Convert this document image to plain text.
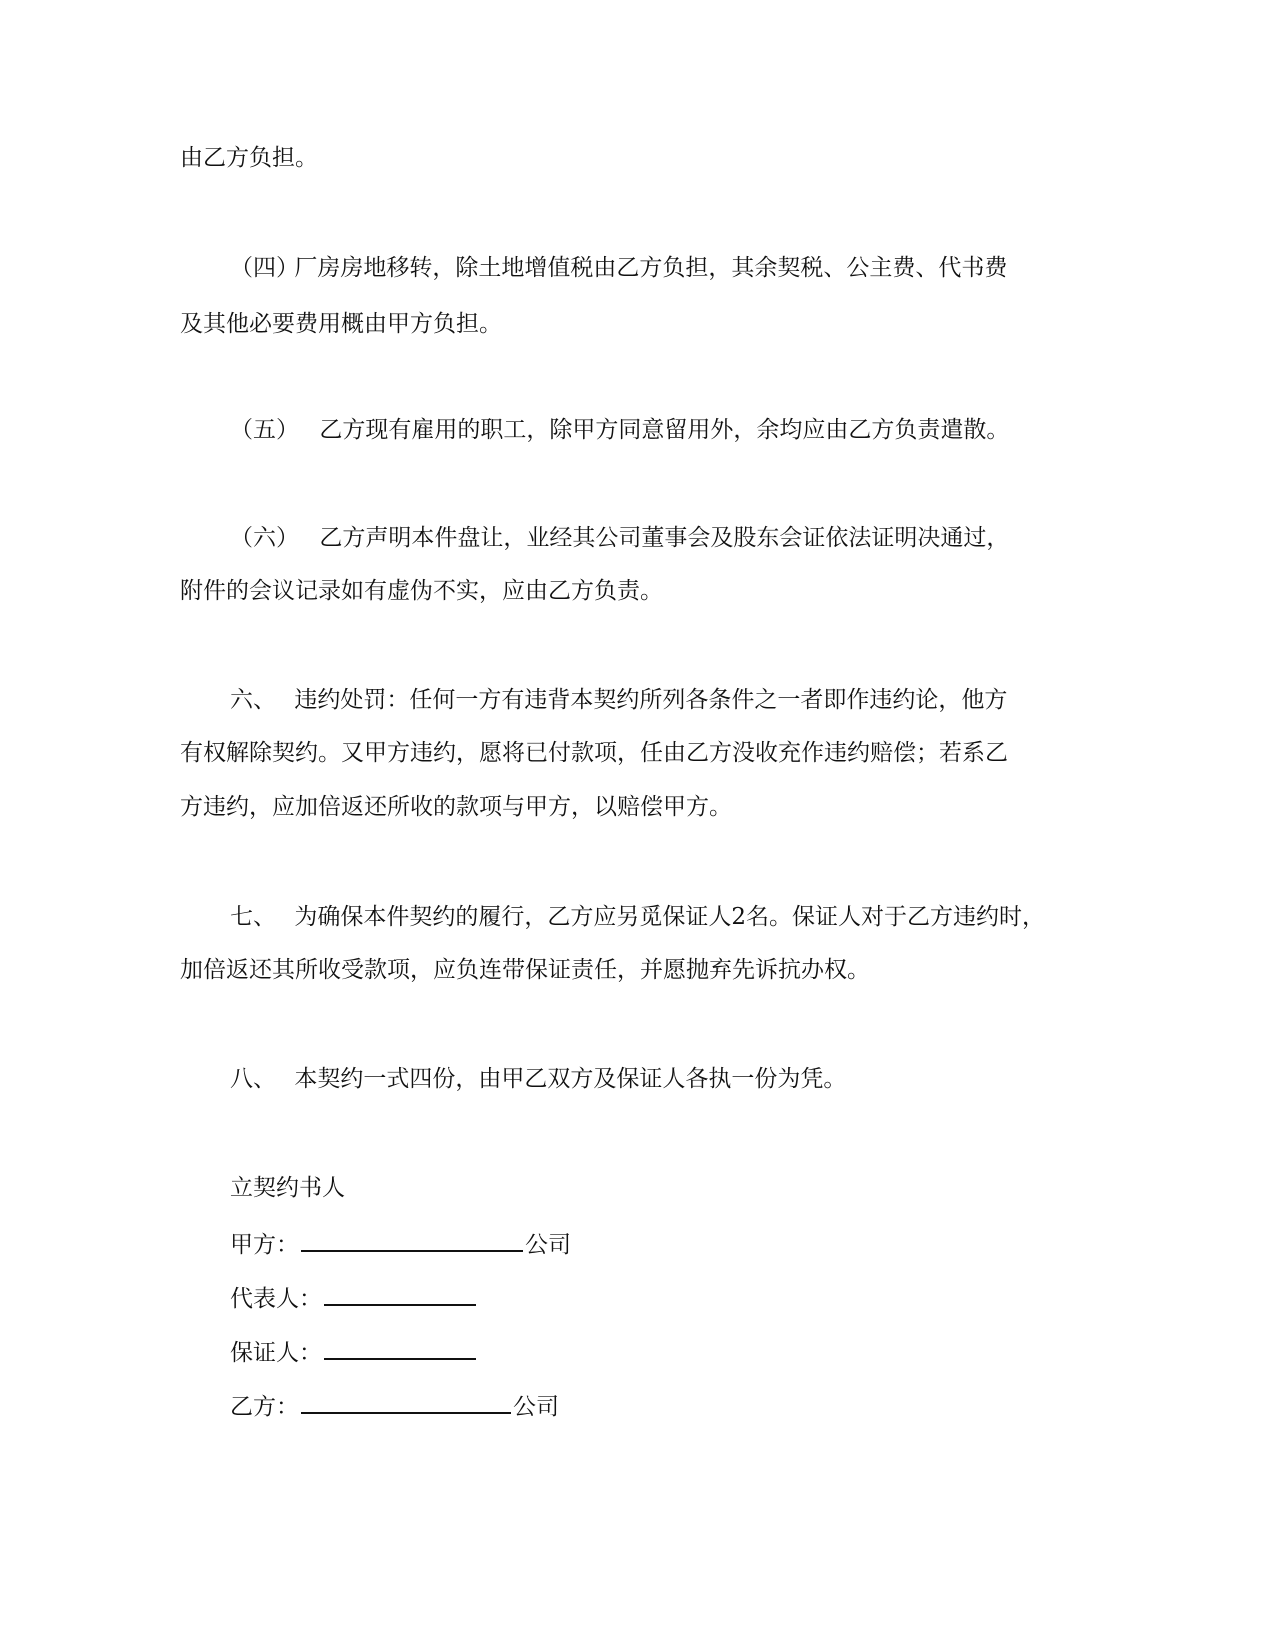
由乙方负担。
（四） 厂房房地移转，除土地增值税由乙方负担，其余契税、公主费、代书费
及其他必要费用概由甲方负担。
（五） 乙方现有雇用的职工，除甲方同意留用外，余均应由乙方负责遣散。
（六） 乙方声明本件盘让，业经其公司董事会及股东会证依法证明决通过，
附件的会议记录如有虚伪不实，应由乙方负责。
六、 违约处罚：任何一方有违背本契约所列各条件之一者即作违约论，他方
有权解除契约。又甲方违约，愿将已付款项，任由乙方没收充作违约赔偿；若系乙
方违约，应加倍返还所收的款项与甲方，以赔偿甲方。
七、 为确保本件契约的履行，乙方应另觅保证人2名。保证人对于乙方违约时，
加倍返还其所收受款项，应负连带保证责任，并愿抛弃先诉抗办权。
八、 本契约一式四份，由甲乙双方及保证人各执一份为凭。
立契约书人
甲方：	公司
代表人：
保证人：
乙方：	公司
